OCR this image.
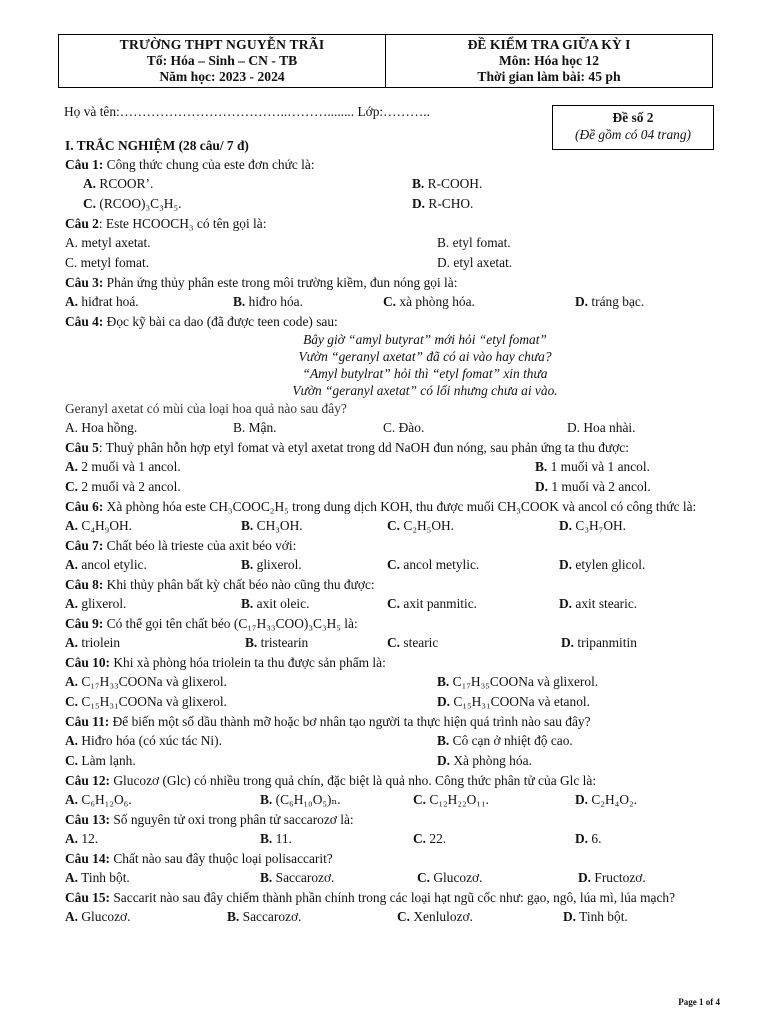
TRƯỜNG THPT NGUYỄN TRÃI
Tổ: Hóa – Sinh – CN - TB
Năm học: 2023 - 2024
ĐỀ KIỂM TRA GIỮA KỲ I
Môn: Hóa học 12
Thời gian làm bài: 45 ph
Họ và tên:………………………………..………........ Lớp:………..	Đề số 2
(Đề gồm có 04 trang)
I. TRẮC NGHIỆM (28 câu/ 7 đ)
Câu 1: Công thức chung của este đơn chức là:
A. RCOOR’.	B. R-COOH.
C. (RCOO)₃C₃H₅.	D. R-CHO.
Câu 2: Este HCOOCH₃ có tên gọi là:
A. metyl axetat.	B. etyl fomat.
C. metyl fomat.	D. etyl axetat.
Câu 3: Phản ứng thủy phân este trong môi trường kiềm, đun nóng gọi là:
A. hiđrat hoá.	B. hiđro hóa.	C. xà phòng hóa.	D. tráng bạc.
Câu 4: Đọc kỹ bài ca dao (đã được teen code) sau:
Bây giờ “amyl butyrat” mới hỏi “etyl fomat”
Vườn “geranyl axetat” đã có ai vào hay chưa?
“Amyl butylrat” hỏi thì “etyl fomat” xin thưa
Vườn “geranyl axetat” có lối nhưng chưa ai vào.
Geranyl axetat có mùi của loại hoa quả nào sau đây?
A. Hoa hồng.	B. Mận.	C. Đào.	D. Hoa nhài.
Câu 5: Thuỷ phân hỗn hợp etyl fomat và etyl axetat trong dd NaOH đun nóng, sau phản ứng ta thu được:
A. 2 muối và 1 ancol.	B. 1 muối và 1 ancol.
C. 2 muối và 2 ancol.	D. 1 muối và 2 ancol.
Câu 6: Xà phòng hóa este CH₃COOC₂H₅ trong dung dịch KOH, thu được muối CH₃COOK và ancol có công thức là:
A. C₄H₉OH.	B. CH₃OH.	C. C₂H₅OH.	D. C₃H₇OH.
Câu 7: Chất béo là trieste của axit béo với:
A. ancol etylic.	B. glixerol.	C. ancol metylic.	D. etylen glicol.
Câu 8: Khi thủy phân bất kỳ chất béo nào cũng thu được:
A. glixerol.	B. axit oleic.	C. axit panmitic.	D. axit stearic.
Câu 9: Có thể gọi tên chất béo (C₁₇H₃₃COO)₃C₃H₅ là:
A. triolein	B. tristearin	C. stearic	D. tripanmitin
Câu 10: Khi xà phòng hóa triolein ta thu được sản phẩm là:
A. C₁₇H₃₃COONa và glixerol.	B. C₁₇H₃₅COONa và glixerol.
C. C₁₅H₃₁COONa và glixerol.	D. C₁₅H₃₁COONa và etanol.
Câu 11: Để biến một số dầu thành mỡ hoặc bơ nhân tạo người ta thực hiện quá trình nào sau đây?
A. Hiđro hóa (có xúc tác Ni).	B. Cô cạn ở nhiệt độ cao.
C. Làm lạnh.	D. Xà phòng hóa.
Câu 12: Glucozơ (Glc) có nhiều trong quả chín, đặc biệt là quả nho. Công thức phân tử của Glc là:
A. C₆H₁₂O₆.	B. (C₆H₁₀O₅)ₙ.	C. C₁₂H₂₂O₁₁.	D. C₂H₄O₂.
Câu 13: Số nguyên tử oxi trong phân tử saccarozơ là:
A. 12.	B. 11.	C. 22.	D. 6.
Câu 14: Chất nào sau đây thuộc loại polisaccarit?
A. Tinh bột.	B. Saccarozơ.	C. Glucozơ.	D. Fructozơ.
Câu 15: Saccarit nào sau đây chiếm thành phần chính trong các loại hạt ngũ cốc như: gạo, ngô, lúa mì, lúa mạch?
A. Glucozơ.	B. Saccarozơ.	C. Xenlulozơ.	D. Tinh bột.
Page 1 of 4
